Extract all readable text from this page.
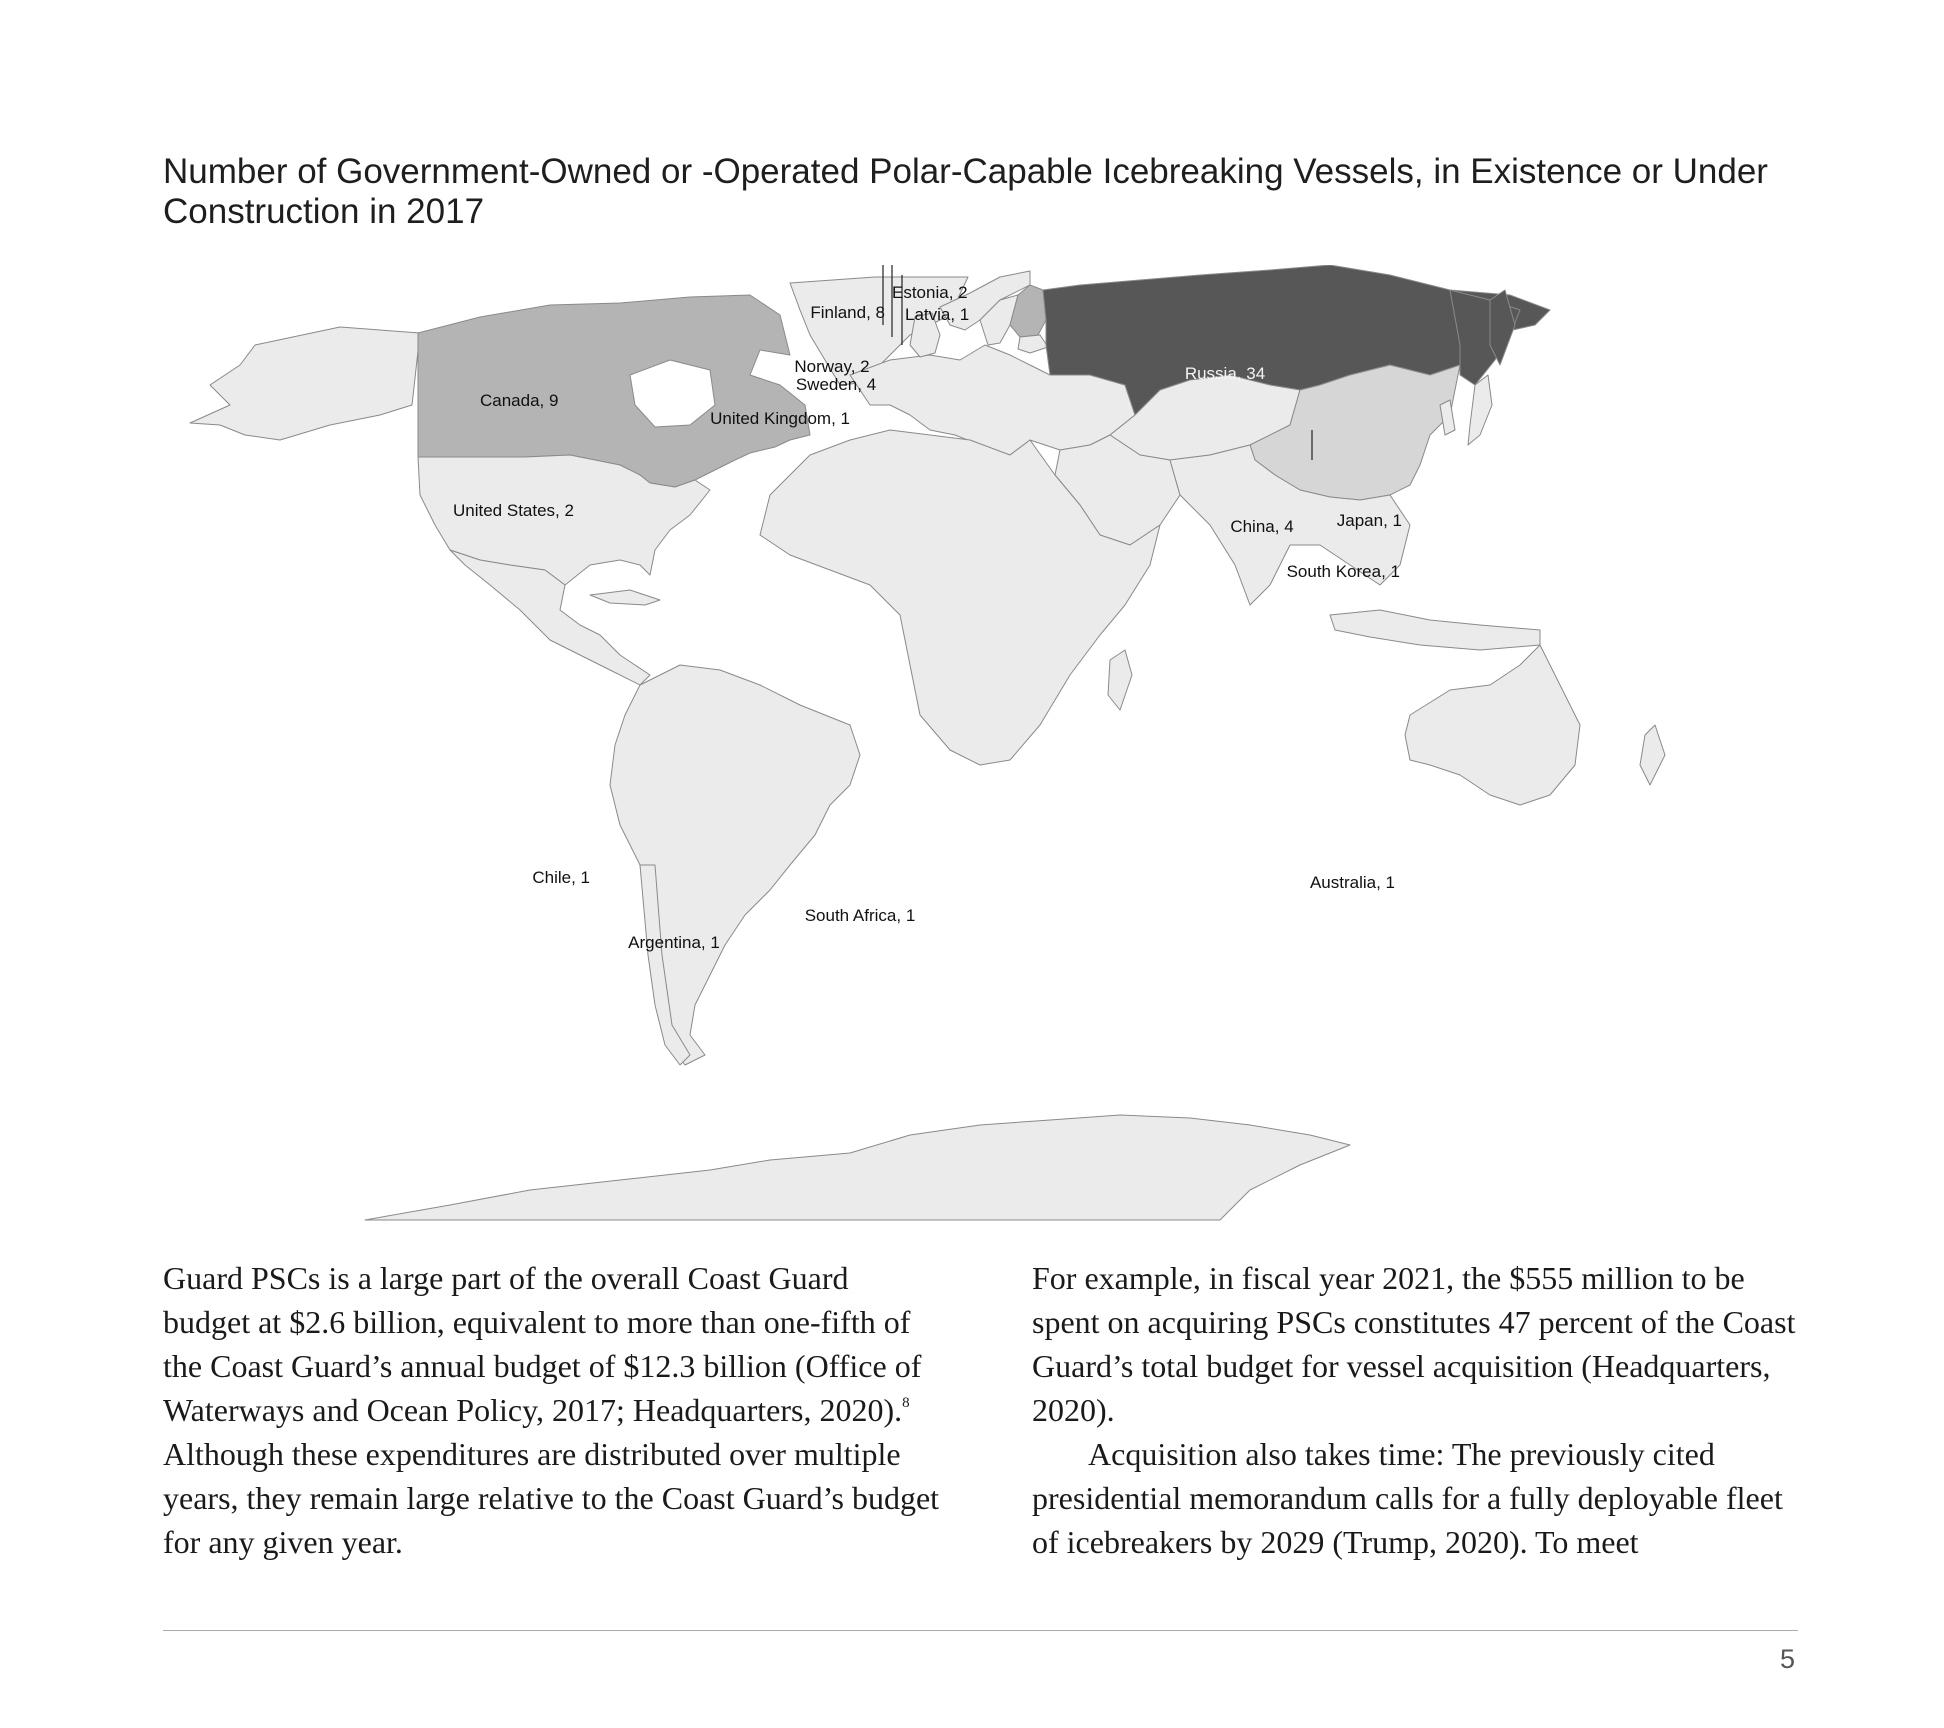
Number of Government-Owned or -Operated Polar-Capable Icebreaking Vessels, in Existence or Under Construction in 2017
Canada, 9
United States, 2
Finland, 8
Estonia, 2
Latvia, 1
Norway, 2
Sweden, 4
United Kingdom, 1
Russia, 34
China, 4	Japan, 1
South Korea, 1
Chile, 1
Argentina, 1
South Africa, 1
Australia, 1

Guard PSCs is a large part of the overall Coast Guard budget at $2.6 billion, equivalent to more than one-fifth of the Coast Guard’s annual budget of $12.3 billion (Office of Waterways and Ocean Policy, 2017; Headquarters, 2020).$^8$ Although these expenditures are distributed over multiple years, they remain large relative to the Coast Guard’s budget for any given year.

For example, in fiscal year 2021, the $555 million to be spent on acquiring PSCs constitutes 47 percent of the Coast Guard’s total budget for vessel acquisition (Headquarters, 2020).

Acquisition also takes time: The previously cited presidential memorandum calls for a fully deployable fleet of icebreakers by 2029 (Trump, 2020). To meet

5
